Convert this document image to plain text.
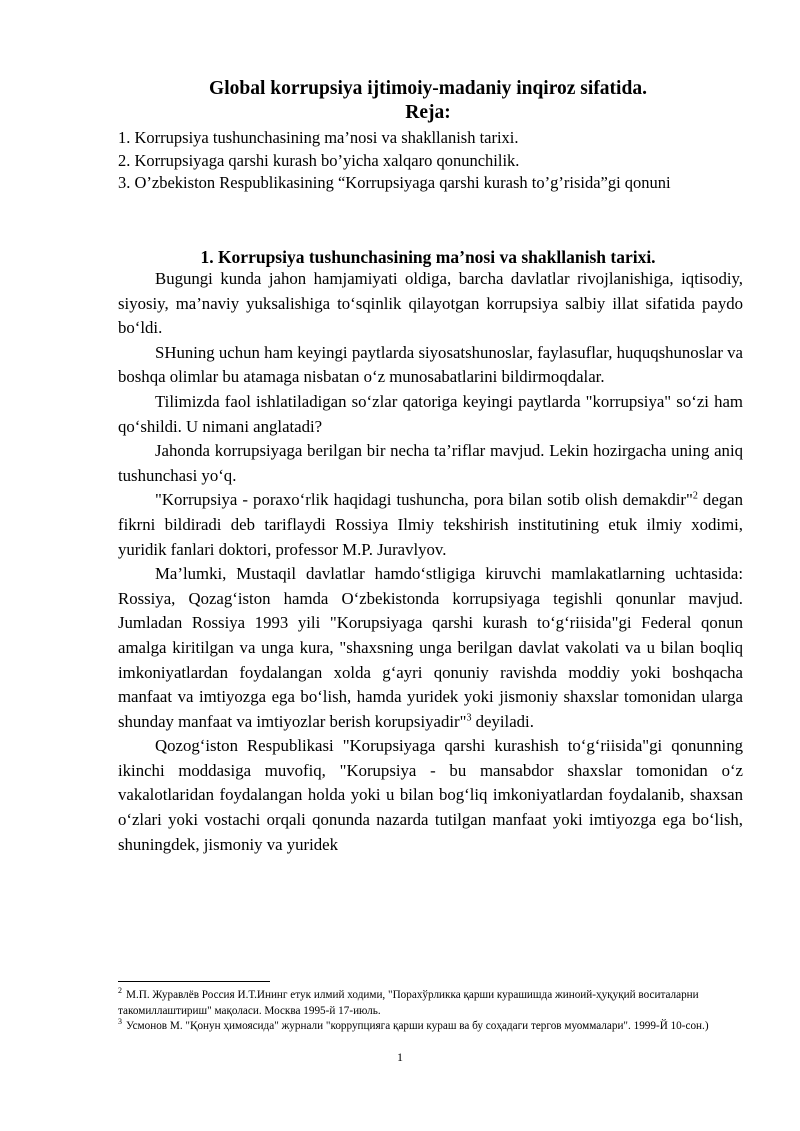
Global korrupsiya ijtimoiy-madaniy inqiroz sifatida.
Reja:
1. Korrupsiya tushunchasining ma’nosi va shakllanish tarixi.
2. Korrupsiyaga qarshi kurash bo’yicha xalqaro qonunchilik.
3. O’zbekiston Respublikasining “Korrupsiyaga qarshi kurash to’g’risida”gi qonuni
1. Korrupsiya tushunchasining ma’nosi va shakllanish tarixi.

Bugungi kunda jahon hamjamiyati oldiga, barcha davlatlar rivojlanishiga, iqtisodiy, siyosiy, ma’naviy yuksalishiga to‘sqinlik qilayotgan korrupsiya salbiy illat sifatida paydo bo‘ldi.

SHuning uchun ham keyingi paytlarda siyosatshunoslar, faylasuflar, huquqshunoslar va boshqa olimlar bu atamaga nisbatan o‘z munosabatlarini bildirmoqdalar.

Tilimizda faol ishlatiladigan so‘zlar qatoriga keyingi paytlarda "korrupsiya" so‘zi ham qo‘shildi. U nimani anglatadi?

Jahonda korrupsiyaga berilgan bir necha ta’riflar mavjud. Lekin hozirgacha uning aniq tushunchasi yo‘q.

"Korrupsiya - poraxo‘rlik haqidagi tushuncha, pora bilan sotib olish demakdir"$^2$ degan fikrni bildiradi deb tariflaydi Rossiya Ilmiy tekshirish institutining etuk ilmiy xodimi, yuridik fanlari doktori, professor M.P. Juravlyov.

Ma’lumki, Mustaqil davlatlar hamdo‘stligiga kiruvchi mamlakatlarning uchtasida: Rossiya, Qozag‘iston hamda O‘zbekistonda korrupsiyaga tegishli qonunlar mavjud. Jumladan Rossiya 1993 yili "Korupsiyaga qarshi kurash to‘g‘riisida"gi Federal qonun amalga kiritilgan va unga kura, "shaxsning unga berilgan davlat vakolati va u bilan boqliq imkoniyatlardan foydalangan xolda g‘ayri qonuniy ravishda moddiy yoki boshqacha manfaat va imtiyozga ega bo‘lish, hamda yuridek yoki jismoniy shaxslar tomonidan ularga shunday manfaat va imtiyozlar berish korupsiyadir"$^3$ deyiladi.

Qozog‘iston Respublikasi "Korupsiyaga qarshi kurashish to‘g‘riisida"gi qonunning ikinchi moddasiga muvofiq, "Korupsiya - bu mansabdor shaxslar tomonidan o‘z vakalotlaridan foydalangan holda yoki u bilan bog‘liq imkoniyatlardan foydalanib, shaxsan o‘zlari yoki vostachi orqali qonunda nazarda tutilgan manfaat yoki imtiyozga ega bo‘lish, shuningdek, jismoniy va yuridek

$^2$ М.П. Журавлёв Россия И.Т.Ининг етук илмий ходими, "Порахўрликка қарши курашишда жиноий-ҳуқуқий воситаларни такомиллаштириш" мақоласи. Москва 1995-й 17-июль.

$^3$ Усмонов М. "Қонун ҳимоясида" журнали "коррупцияга қарши кураш ва бу соҳадаги тергов муоммалари". 1999-Й 10-сон.)

1
